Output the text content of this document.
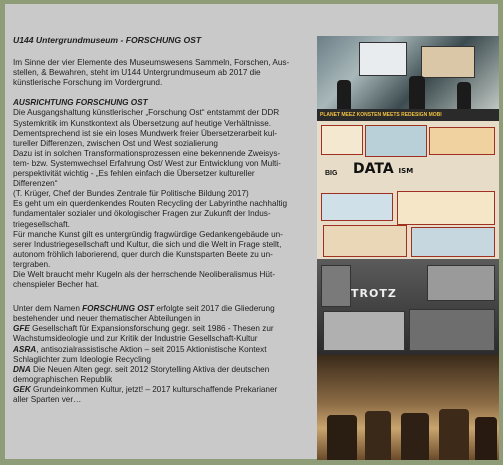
U144 Untergrundmuseum - FORSCHUNG OST

Im Sinne der vier Elemente des Museumswesens Sammeln, Forschen, Aus-

stellen, & Bewahren, steht im U144 Untergrundmuseum ab 2017 die

künstlerische Forschung im Vordergrund.

AUSRICHTUNG FORSCHUNG OST

Die Ausgangshaltung künstlerischer „Forschung Ost“ entstammt der DDR

Systemkritik im Kunstkontext als Übersetzung auf heutige Verhältnisse.

Dementsprechend ist sie ein loses Mundwerk freier Übersetzerarbeit kul-

tureller Differenzen, zwischen Ost und West sozialierung

Dazu ist in solchen Transformationsprozessen eine bekennende Zweisys-

tem- bzw. Systemwechsel Erfahrung Ost/ West zur Entwicklung von Multi-

perspektivität wichtig - „Es fehlen einfach die Übersetzer kultureller

Differenzen“

(T. Krüger, Chef der Bundes Zentrale für Politische Bildung 2017)

Es geht um ein querdenkendes Routen Recycling der Labyrinthe nachhaltig

fundamentaler sozialer und ökologischer Fragen zur Zukunft der Indus-

triegesellschaft.

Für manche Kunst gilt es untergründig fragwürdige Gedankengebäude un-

serer Industriegesellschaft und Kultur, die sich und die Welt in Frage stellt,

autonom fröhlich laborierend, quer durch die Kunstsparten Beete zu un-

tergraben.

Die Welt braucht mehr Kugeln als der herrschende Neoliberalismus Hüt-

chenspieler Becher hat.

Unter dem Namen FORSCHUNG OST erfolgte seit 2017 die Gliederung

bestehender und neuer thematischer Abteilungen in

GFE Gesellschaft für Expansionsforschung gegr. seit 1986 - Thesen zur

Wachstumsideologie und zur Kritik der Industrie Gesellschaft-Kultur

ASRA, antisozialrassistische Aktion – seit 2015 Aktionistische Kontext

Schlaglichter zum Ideologie Recycling

DNA Die Neuen Alten gegr. seit 2012 Storytelling Aktiva der deutschen

demographischen Republik

GEK Grundeinkommen Kultur, jetzt! – 2017 kulturschaffende Prekarianer

aller Sparten ver…

PLANET MEEZ KONSTEN MEETS REDESIGN MOBI
BIG DATA ISM
TROTZ
